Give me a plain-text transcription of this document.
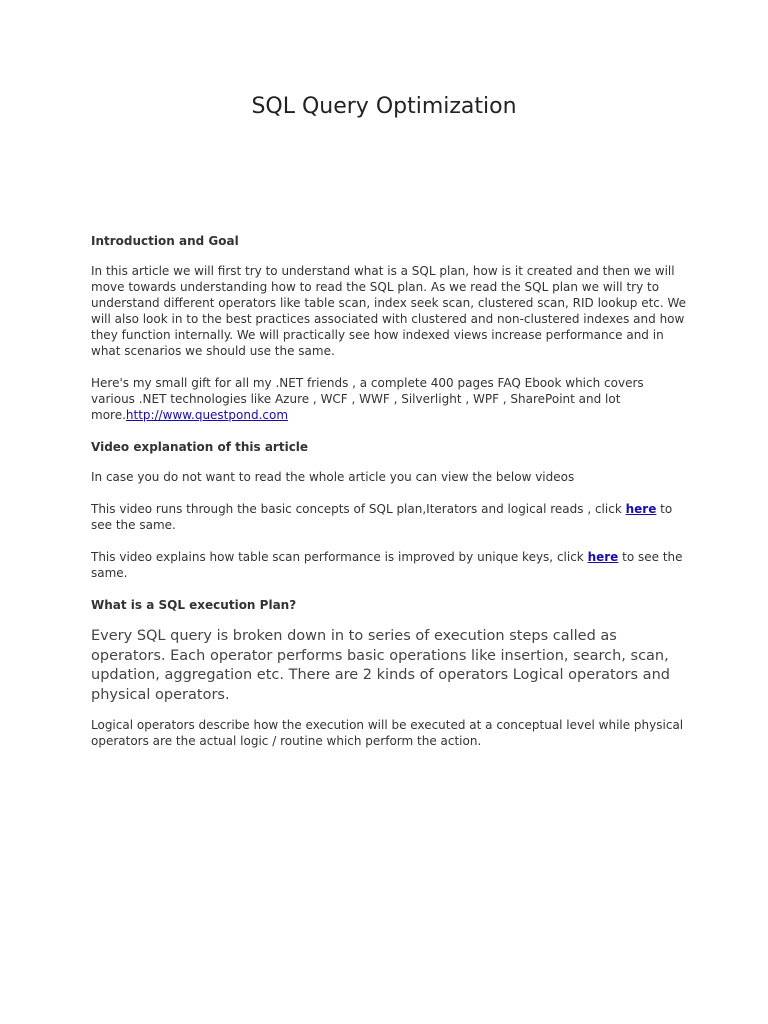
SQL Query Optimization
Introduction and Goal

In this article we will first try to understand what is a SQL plan, how is it created and then we will move towards understanding how to read the SQL plan. As we read the SQL plan we will try to understand different operators like table scan, index seek scan, clustered scan, RID lookup etc. We will also look in to the best practices associated with clustered and non-clustered indexes and how they function internally. We will practically see how indexed views increase performance and in what scenarios we should use the same.

Here's my small gift for all my .NET friends , a complete 400 pages FAQ Ebook which covers various .NET technologies like Azure , WCF , WWF , Silverlight , WPF , SharePoint and lot more.http://www.questpond.com

Video explanation of this article

In case you do not want to read the whole article you can view the below videos

This video runs through the basic concepts of SQL plan,Iterators and logical reads , click here to see the same.

This video explains how table scan performance is improved by unique keys, click here to see the same.

What is a SQL execution Plan?

Every SQL query is broken down in to series of execution steps called as operators. Each operator performs basic operations like insertion, search, scan, updation, aggregation etc. There are 2 kinds of operators Logical operators and physical operators.

Logical operators describe how the execution will be executed at a conceptual level while physical operators are the actual logic / routine which perform the action.
